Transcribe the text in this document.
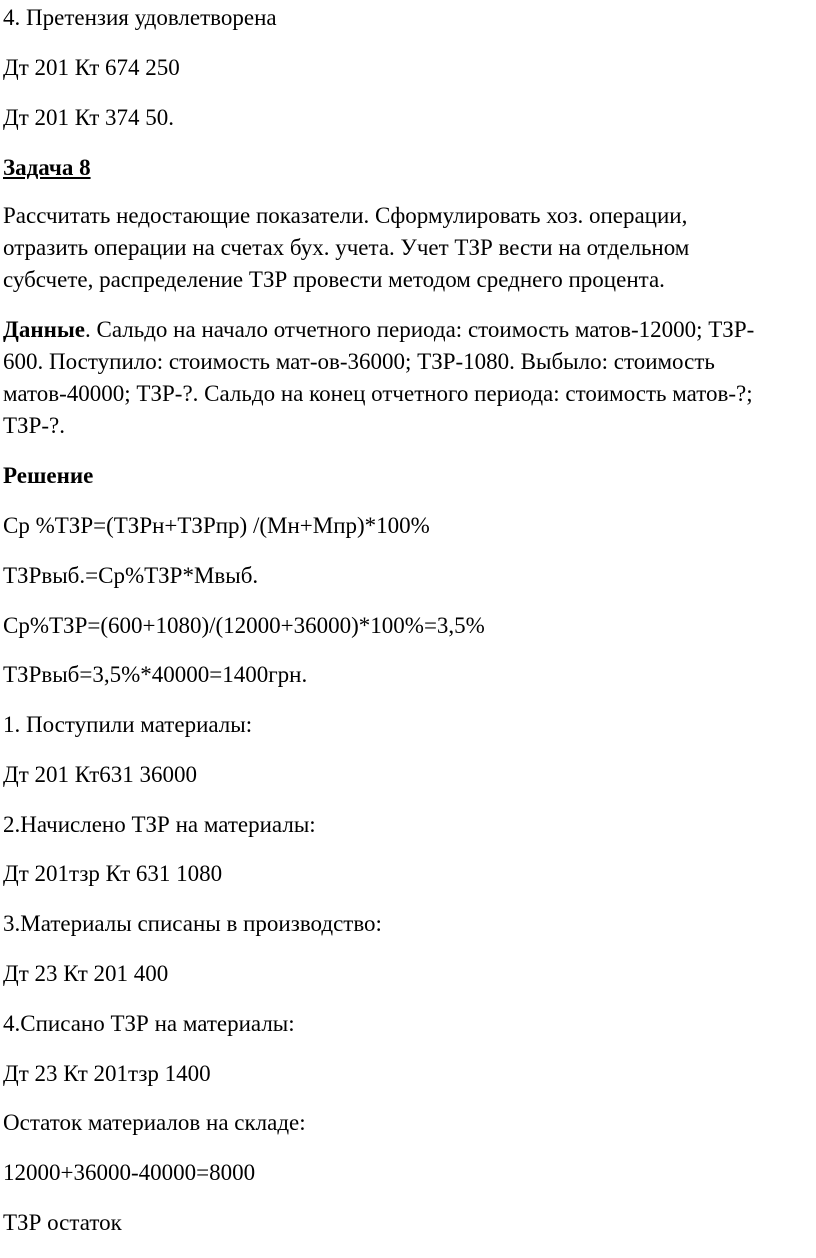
4. Претензия удовлетворена

Дт 201 Кт 674 250

Дт 201 Кт 374 50.

Задача 8

Рассчитать недостающие показатели. Сформулировать хоз. операции,

отразить операции на счетах бух. учета. Учет ТЗР вести на отдельном

субсчете, распределение ТЗР провести методом среднего процента.

Данные. Сальдо на начало отчетного периода: стоимость матов-12000; ТЗР-

600. Поступило: стоимость мат-ов-36000; ТЗР-1080. Выбыло: стоимость

матов-40000; ТЗР-?. Сальдо на конец отчетного периода: стоимость матов-?;

ТЗР-?.

Решение

Ср %ТЗР=(ТЗРн+ТЗРпр) /(Мн+Мпр)*100%

ТЗРвыб.=Ср%ТЗР*Мвыб.

Ср%ТЗР=(600+1080)/(12000+36000)*100%=3,5%

ТЗРвыб=3,5%*40000=1400грн.

1. Поступили материалы:

Дт 201 Кт631 36000

2.Начислено ТЗР на материалы:

Дт 201тзр Кт 631 1080

3.Материалы списаны в производство:

Дт 23 Кт 201 400

4.Списано ТЗР на материалы:

Дт 23 Кт 201тзр 1400

Остаток материалов на складе:

12000+36000-40000=8000

ТЗР остаток
